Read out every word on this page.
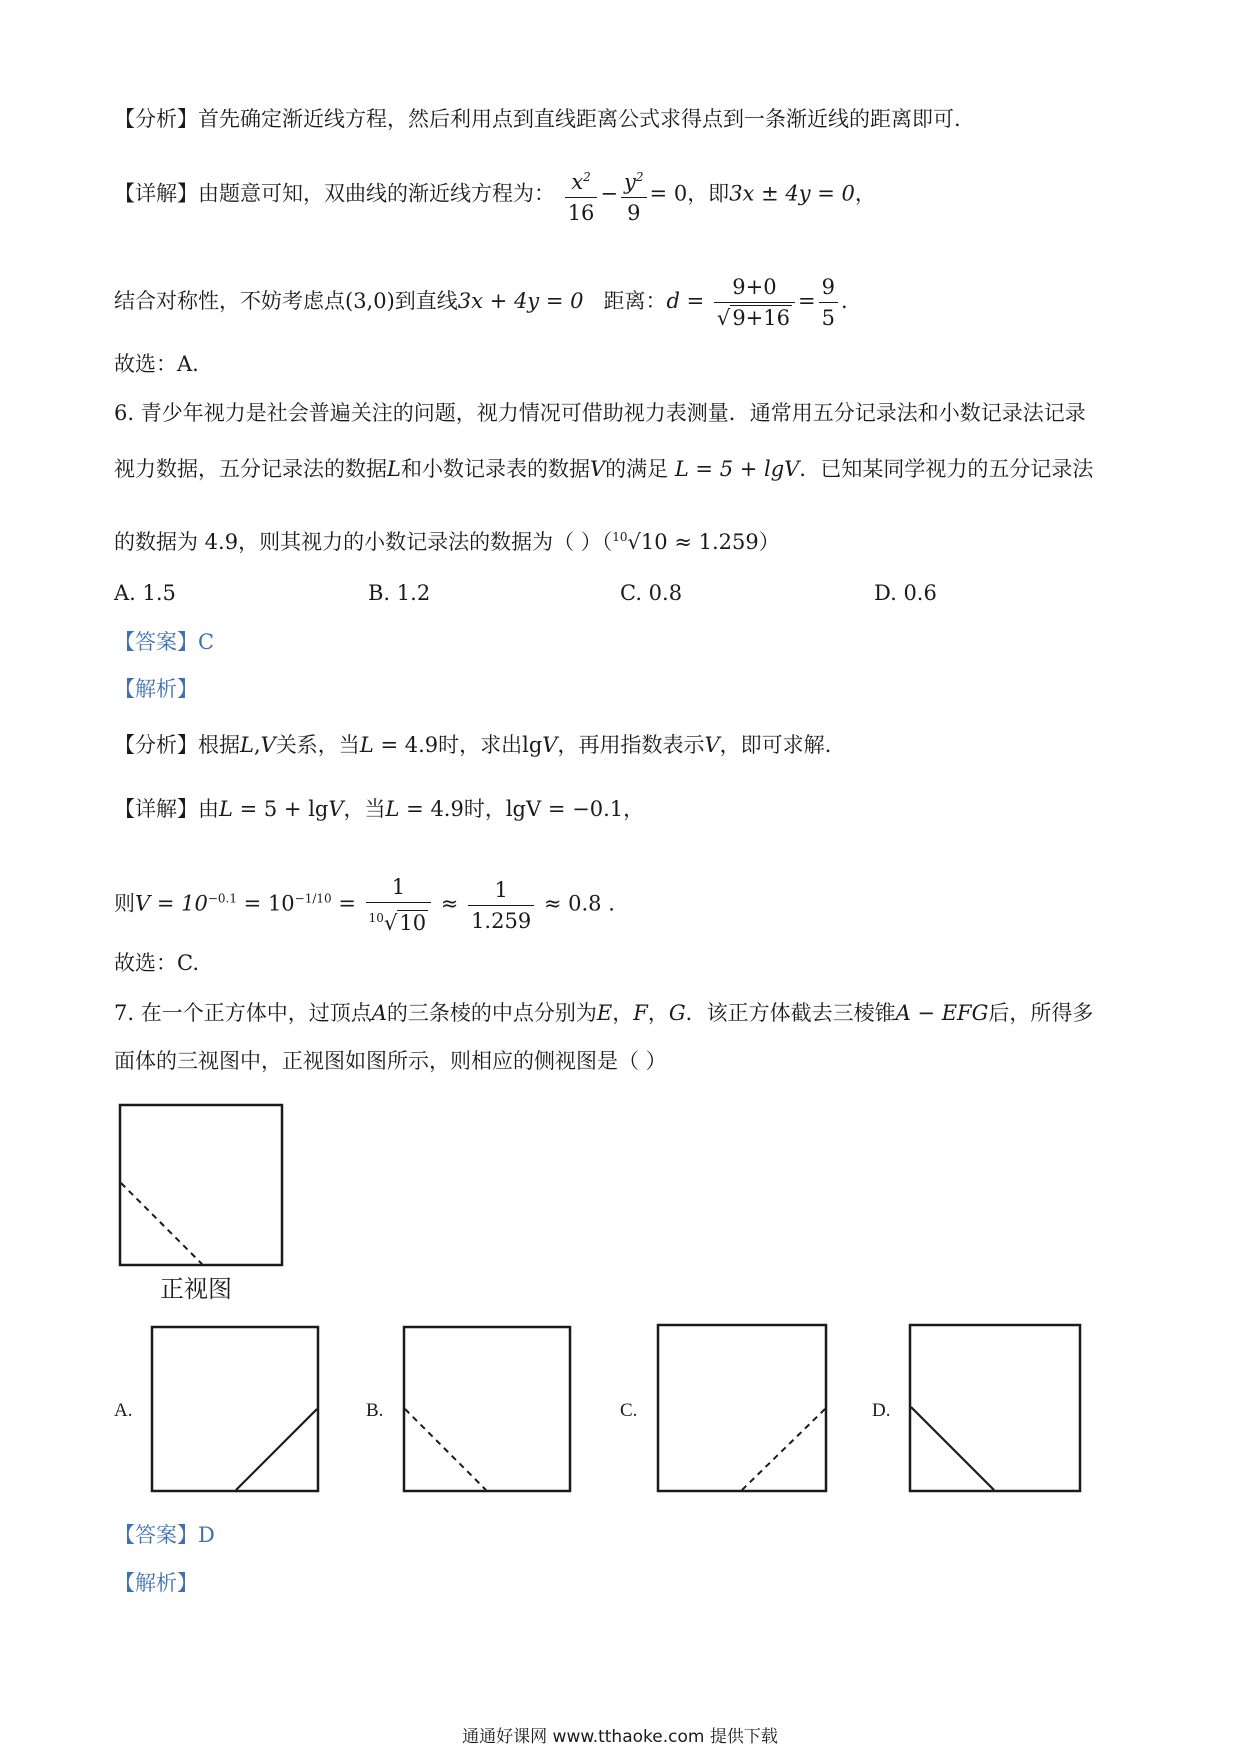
【分析】首先确定渐近线方程，然后利用点到直线距离公式求得点到一条渐近线的距离即可.
【详解】由题意可知，双曲线的渐近线方程为： $\frac{x^2}{16} - \frac{y^2}{9} = 0$，即3x ± 4y = 0，
结合对称性，不妨考虑点(3,0)到直线3x + 4y = 0 距离：$d = \frac{9+0}{√9+16} = \frac{9}{5}$ .
故选：A.
6. 青少年视力是社会普遍关注的问题，视力情况可借助视力表测量．通常用五分记录法和小数记录法记录
视力数据，五分记录法的数据L和小数记录表的数据V的满足 L = 5 + lgV．已知某同学视力的五分记录法
的数据为 4.9，则其视力的小数记录法的数据为（ ）（$^{10}$√10 ≈ 1.259）
A. 1.5	B. 1.2	C. 0.8	D. 0.6
【答案】C
【解析】
【分析】根据L,V关系，当L = 4.9时，求出lgV，再用指数表示V，即可求解.
【详解】由L = 5 + lgV，当L = 4.9时，lgV = −0.1，
则$V = 10^{-0.1} = 10^{-1/10} = \frac{1}{^{10}√10} \approx \frac{1}{1.259} \approx 0.8$ .
故选：C.
7. 在一个正方体中，过顶点A的三条棱的中点分别为E，F，G．该正方体截去三棱锥A − EFG后，所得多
面体的三视图中，正视图如图所示，则相应的侧视图是（ ）
正视图
A.	B.	C.	D.
【答案】D
【解析】
通通好课网 www.tthaoke.com 提供下载
